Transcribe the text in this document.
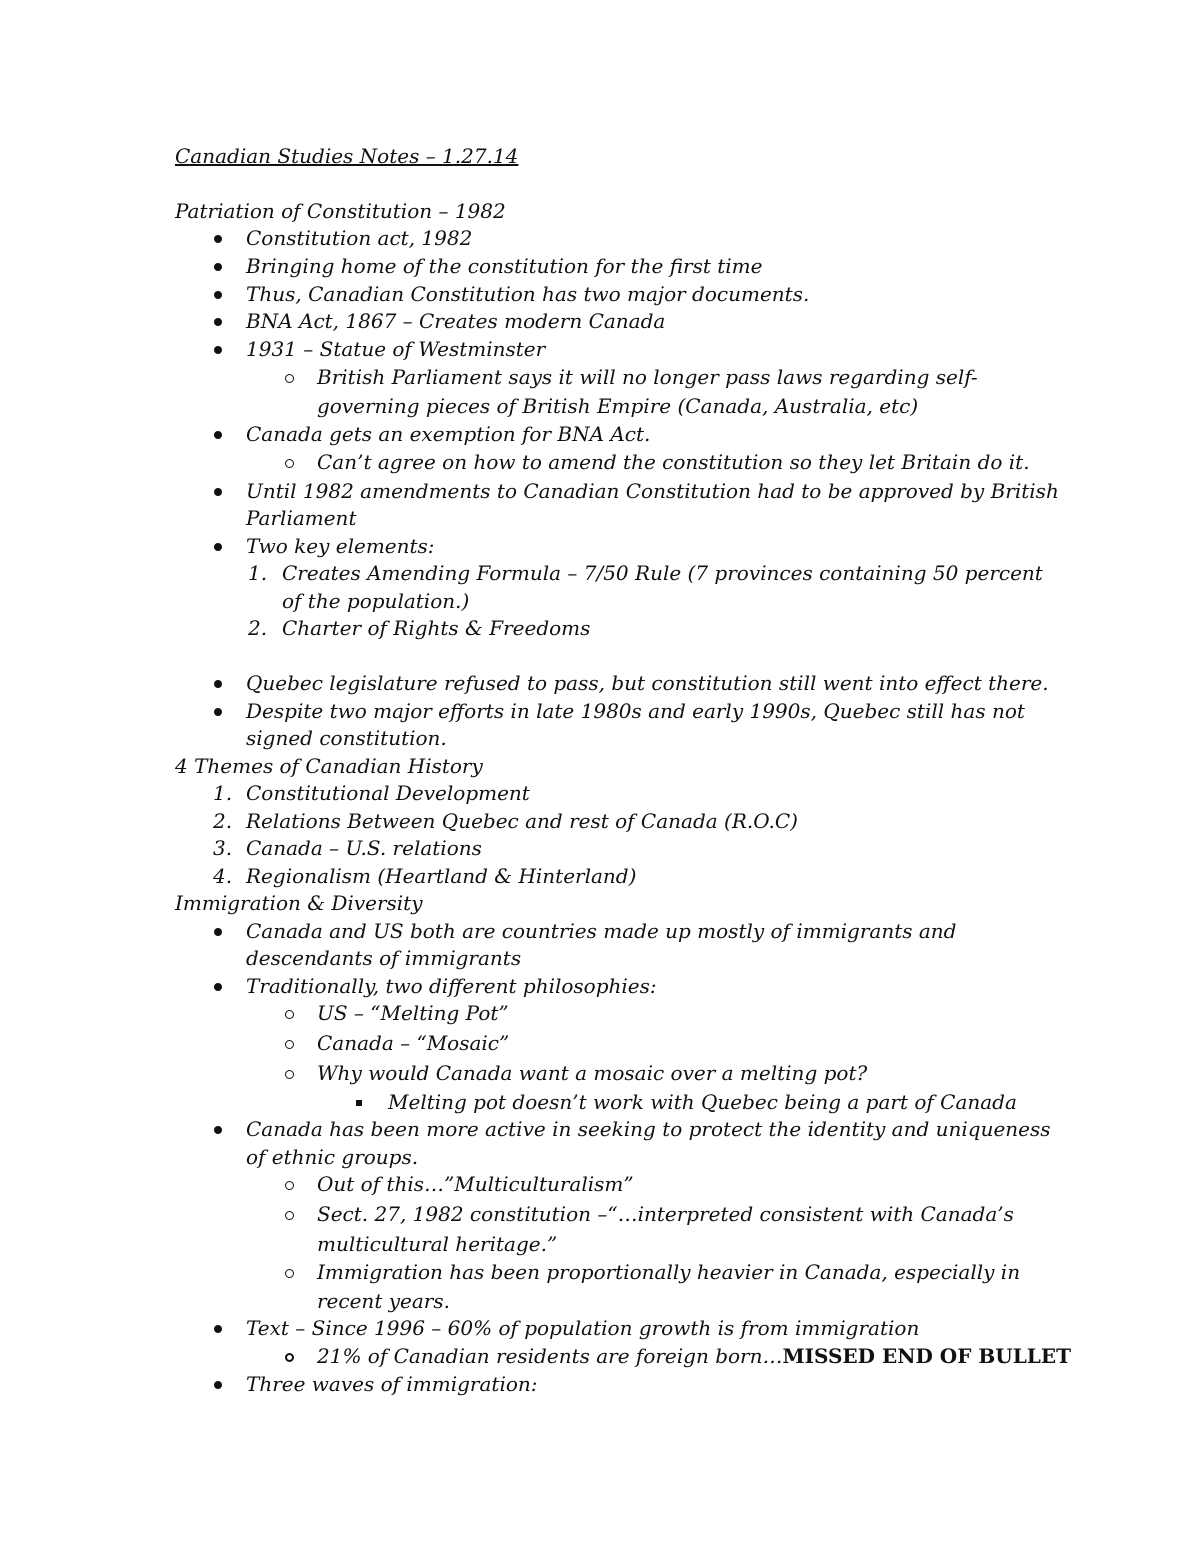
Canadian Studies Notes – 1.27.14
Patriation of Constitution – 1982
Constitution act, 1982
Bringing home of the constitution for the first time
Thus, Canadian Constitution has two major documents.
BNA Act, 1867 – Creates modern Canada
1931 – Statue of Westminster
British Parliament says it will no longer pass laws regarding self-
governing pieces of British Empire (Canada, Australia, etc)
Canada gets an exemption for BNA Act.
Can’t agree on how to amend the constitution so they let Britain do it.
Until 1982 amendments to Canadian Constitution had to be approved by British
Parliament
Two key elements:
1. Creates Amending Formula – 7/50 Rule (7 provinces containing 50 percent
of the population.)
2. Charter of Rights & Freedoms
Quebec legislature refused to pass, but constitution still went into effect there.
Despite two major efforts in late 1980s and early 1990s, Quebec still has not
signed constitution.
4 Themes of Canadian History
1. Constitutional Development
2. Relations Between Quebec and rest of Canada (R.O.C)
3. Canada – U.S. relations
4. Regionalism (Heartland & Hinterland)
Immigration & Diversity
Canada and US both are countries made up mostly of immigrants and
descendants of immigrants
Traditionally, two different philosophies:
US – “Melting Pot”
Canada – “Mosaic”
Why would Canada want a mosaic over a melting pot?
Melting pot doesn’t work with Quebec being a part of Canada
Canada has been more active in seeking to protect the identity and uniqueness
of ethnic groups.
Out of this…”Multiculturalism”
Sect. 27, 1982 constitution –“…interpreted consistent with Canada’s
multicultural heritage.”
Immigration has been proportionally heavier in Canada, especially in
recent years.
Text – Since 1996 – 60% of population growth is from immigration
21% of Canadian residents are foreign born…MISSED END OF BULLET
Three waves of immigration:
